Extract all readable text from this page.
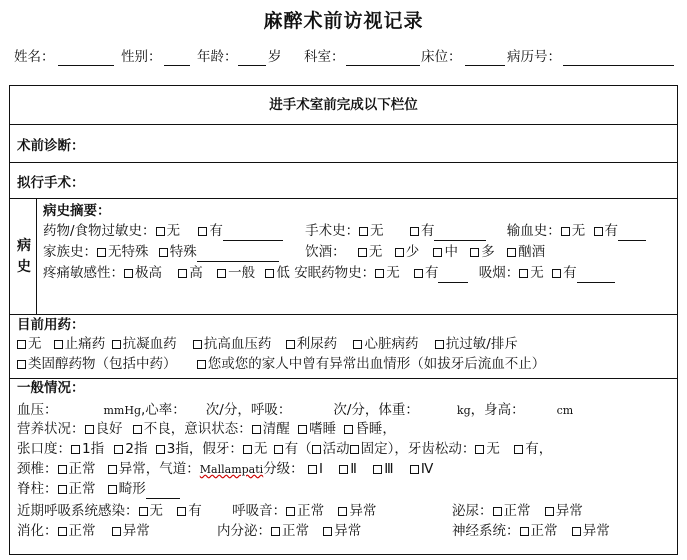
麻醉术前访视记录
姓名：	性别：	年龄： 岁 科室：	床位：	病历号：
进手术室前完成以下栏位
术前诊断：
拟行手术：
病
史
病史摘要：
药物/食物过敏史： 无 有	手术史： 无	有	输血史： 无 有
家族史： 无特殊 特殊	饮酒： 无 少 中 多 酗酒
疼痛敏感性： 极高 高 一般 低 安眠药物史： 无 有	吸烟： 无 有
目前用药：
无 止痛药 抗凝血药 抗高血压药 利尿药 心脏病药 抗过敏/排斥
类固醇药物（包括中药） 您或您的家人中曾有异常出血情形（如拔牙后流血不止）
一般情况：
血压：	mmHg,心率： 次/分，呼吸：	次/分，体重：	kg，身高：	cm
营养状况： 良好 不良，意识状态： 清醒 嗜睡 昏睡，
张口度： 1指 2指 3指，假牙： 无 有（ 活动 固定），牙齿松动： 无 有，
颈椎： 正常 异常，气道：Mallampati分级： Ⅰ Ⅱ Ⅲ Ⅳ
脊柱： 正常 畸形
近期呼吸系统感染： 无 有 呼吸音： 正常 异常	泌尿： 正常 异常
消化： 正常 异常	内分泌： 正常 异常	神经系统： 正常 异常
